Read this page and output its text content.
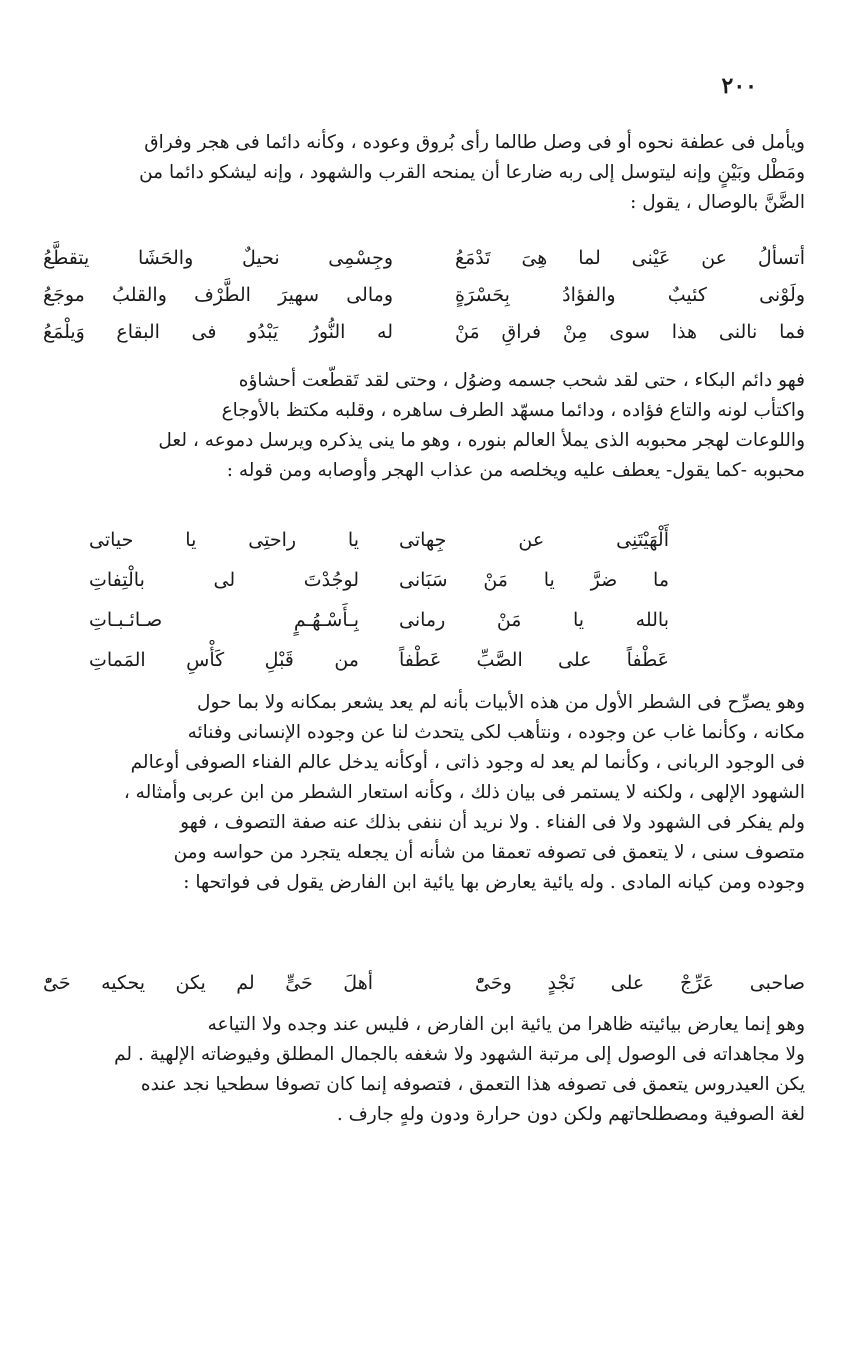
٢٠٠
ويأمل فى عطفة نحوه أو فى وصل طالما رأى بُروق وعوده ، وكأنه دائما فى هجر وفراق
ومَطْل وبَيْنٍ وإنه ليتوسل إلى ربه ضارعا أن يمنحه القرب والشهود ، وإنه ليشكو دائما من
الضَّنَّ بالوصال ، يقول :
أتسألُ عن عَيْنى لما هِىَ تَدْمَعُ
وجِسْمِى نحيلٌ والحَشَا يتقطَّعُ
ولَوْنى كئيبٌ والفؤادُ بِحَسْرَةٍ
ومالى سهيرَ الطَّرْف والقلبُ موجَعُ
فما نالنى هذا سوى مِنْ فراقِ مَنْ
له النُّورُ يَبْدُو فى البقاع وَيلْمَعُ
فهو دائم البكاء ، حتى لقد شحب جسمه وضوُل ، وحتى لقد تَقطَّعت أحشاؤه
واكتأب لونه والتاع فؤاده ، ودائما مسهّد الطرف ساهره ، وقلبه مكتظ بالأوجاع
واللوعات لهجر محبوبه الذى يملأ العالم بنوره ، وهو ما ينى يذكره ويرسل دموعه ، لعل
محبوبه -كما يقول- يعطف عليه ويخلصه من عذاب الهجر وأوصابه ومن قوله :
أَلْهَيْتَنِى عن جِهاتى
يا راحتِى يا حياتى
ما ضرَّ يا مَنْ سَبَانى
لوجُدْتَ لى بالْتِفاتِ
بالله يا مَنْ رمانى
بِـأَسْـهُـمٍ صـائـبـاتِ
عَطْفاً على الصَّبِّ عَطْفاً
من قَبْلِ كَأْسِ المَماتِ
وهو يصرِّح فى الشطر الأول من هذه الأبيات بأنه لم يعد يشعر بمكانه ولا بما حول
مكانه ، وكأنما غاب عن وجوده ، ونتأهب لكى يتحدث لنا عن وجوده الإنسانى وفنائه
فى الوجود الربانى ، وكأنما لم يعد له وجود ذاتى ، أوكأنه يدخل عالم الفناء الصوفى أوعالم
الشهود الإلهى ، ولكنه لا يستمر فى بيان ذلك ، وكأنه استعار الشطر من ابن عربى وأمثاله ،
ولم يفكر فى الشهود ولا فى الفناء . ولا نريد أن ننفى بذلك عنه صفة التصوف ، فهو
متصوف سنى ، لا يتعمق فى تصوفه تعمقا من شأنه أن يجعله يتجرد من حواسه ومن
وجوده ومن كيانه المادى . وله يائية يعارض بها يائية ابن الفارض يقول فى فواتحها :
صاحبى عَرِّجْ على نَجْدٍ وحَىّْ
أهلَ حَىٍّ لم يكن يحكيه حَىّْ
وهو إنما يعارض بيائيته ظاهرا من يائية ابن الفارض ، فليس عند وجده ولا التياعه
ولا مجاهداته فى الوصول إلى مرتبة الشهود ولا شغفه بالجمال المطلق وفيوضاته الإلهية . لم
يكن العيدروس يتعمق فى تصوفه هذا التعمق ، فتصوفه إنما كان تصوفا سطحيا نجد عنده
لغة الصوفية ومصطلحاتهم ولكن دون حرارة ودون ولهٍ جارف .
